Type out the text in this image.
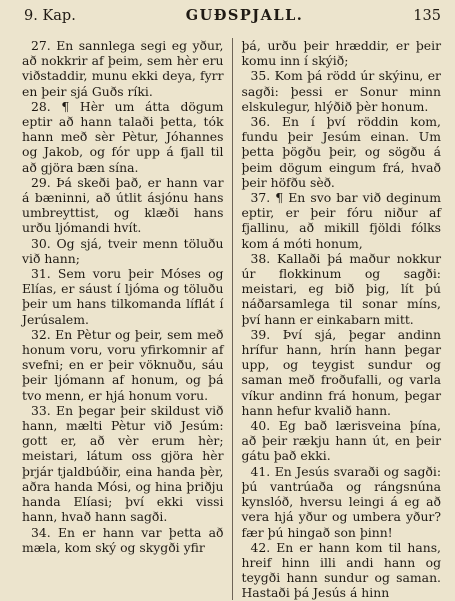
9. Kap.	GUÐSPJALL.	135

27. En sannlega segi eg yður, að nokkrir af þeim, sem hèr eru viðstaddir, munu ekki deya, fyrr en þeir sjá Guðs ríki.

28. ¶ Hèr um átta dögum eptir að hann talaði þetta, tók hann með sèr Pètur, Jóhannes og Jakob, og fór upp á fjall til að gjöra bæn sína.

29. Þá skeði það, er hann var á bæninni, að útlit ásjónu hans umbreyttist, og klæði hans urðu ljómandi hvít.

30. Og sjá, tveir menn töluðu við hann;

31. Sem voru þeir Móses og Elías, er sáust í ljóma og töluðu þeir um hans tilkomanda líflát í Jerúsalem.

32. En Pètur og þeir, sem með honum voru, voru yfirkomnir af svefni; en er þeir vöknuðu, sáu þeir ljómann af honum, og þá tvo menn, er hjá honum voru.

33. En þegar þeir skildust við hann, mælti Pètur við Jesúm: gott er, að vèr erum hèr; meistari, látum oss gjöra hèr þrjár tjaldbúðir, eina handa þèr, aðra handa Mósi, og hina þriðju handa Elíasi; því ekki vissi hann, hvað hann sagði.

34. En er hann var þetta að mæla, kom ský og skygði yfir

þá, urðu þeir hræddir, er þeir komu inn í skýið;

35. Kom þá rödd úr skýinu, er sagði: þessi er Sonur minn elskulegur, hlýðið þèr honum.

36. En í því röddin kom, fundu þeir Jesúm einan. Um þetta þögðu þeir, og sögðu á þeim dögum eingum frá, hvað þeir höfðu sèð.

37. ¶ En svo bar við deginum eptir, er þeir fóru niður af fjallinu, að mikill fjöldi fólks kom á móti honum,

38. Kallaði þá maður nokkur úr flokkinum og sagði: meistari, eg bið þig, lít þú náðarsamlega til sonar míns, því hann er einkabarn mitt.

39. Því sjá, þegar andinn hrífur hann, hrín hann þegar upp, og teygist sundur og saman með froðufalli, og varla víkur andinn frá honum, þegar hann hefur kvalið hann.

40. Eg bað lærisveina þína, að þeir rækju hann út, en þeir gátu það ekki.

41. En Jesús svaraði og sagði: þú vantrúaða og rángsnúna kynslóð, hversu leingi á eg að vera hjá yður og umbera yður? fær þú hingað son þinn!

42. En er hann kom til hans, hreif hinn illi andi hann og teygði hann sundur og saman. Hastaði þá Jesús á hinn
